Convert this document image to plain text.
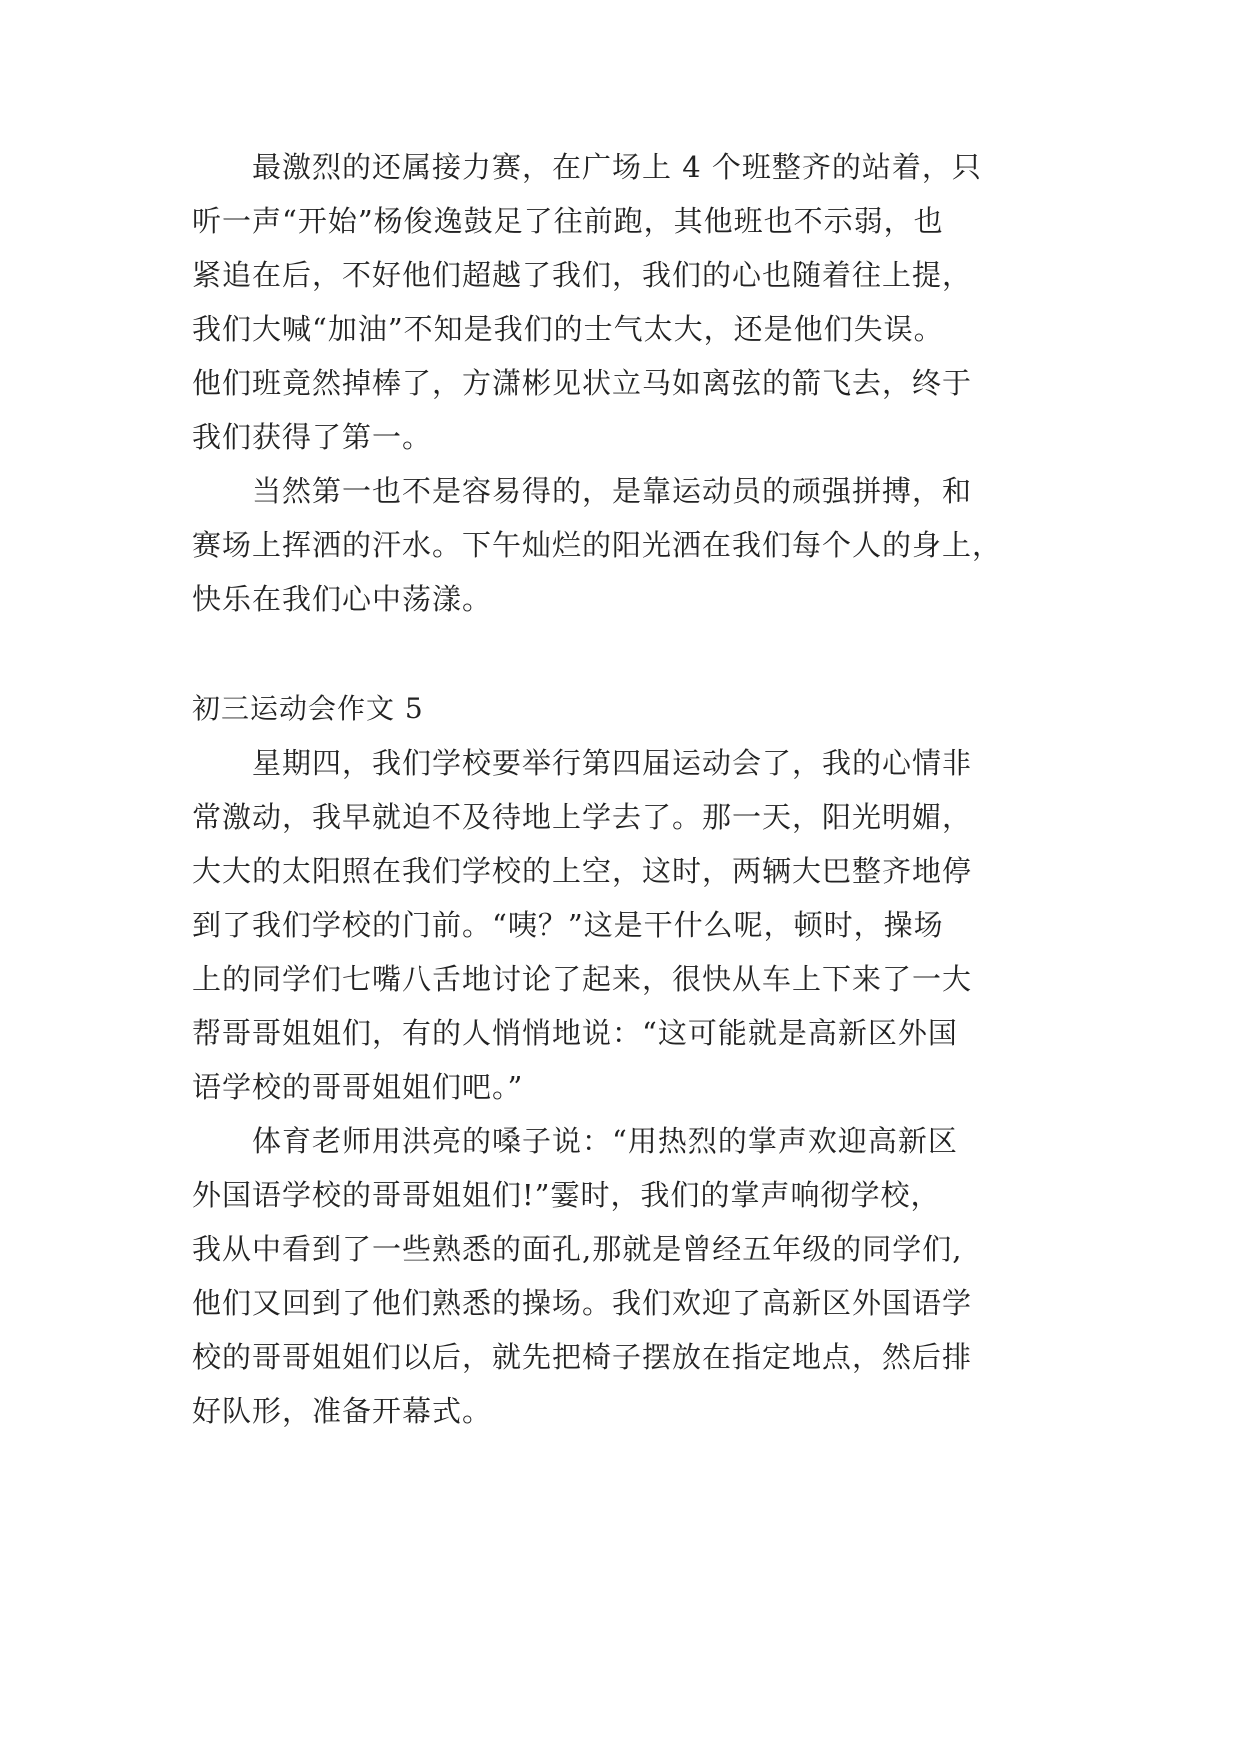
　　最激烈的还属接力赛，在广场上 4 个班整齐的站着，只
听一声“开始”杨俊逸鼓足了往前跑，其他班也不示弱，也
紧追在后，不好他们超越了我们，我们的心也随着往上提，
我们大喊“加油”不知是我们的士气太大，还是他们失误。
他们班竟然掉棒了，方潇彬见状立马如离弦的箭飞去，终于
我们获得了第一。
　　当然第一也不是容易得的，是靠运动员的顽强拼搏，和
赛场上挥洒的汗水。下午灿烂的阳光洒在我们每个人的身上，
快乐在我们心中荡漾。
初三运动会作文 5
　　星期四，我们学校要举行第四届运动会了，我的心情非
常激动，我早就迫不及待地上学去了。那一天，阳光明媚，
大大的太阳照在我们学校的上空，这时，两辆大巴整齐地停
到了我们学校的门前。“咦？”这是干什么呢，顿时，操场
上的同学们七嘴八舌地讨论了起来，很快从车上下来了一大
帮哥哥姐姐们，有的人悄悄地说：“这可能就是高新区外国
语学校的哥哥姐姐们吧。”
　　体育老师用洪亮的嗓子说：“用热烈的掌声欢迎高新区
外国语学校的哥哥姐姐们!”霎时，我们的掌声响彻学校，
我从中看到了一些熟悉的面孔,那就是曾经五年级的同学们,
他们又回到了他们熟悉的操场。我们欢迎了高新区外国语学
校的哥哥姐姐们以后，就先把椅子摆放在指定地点，然后排
好队形，准备开幕式。
